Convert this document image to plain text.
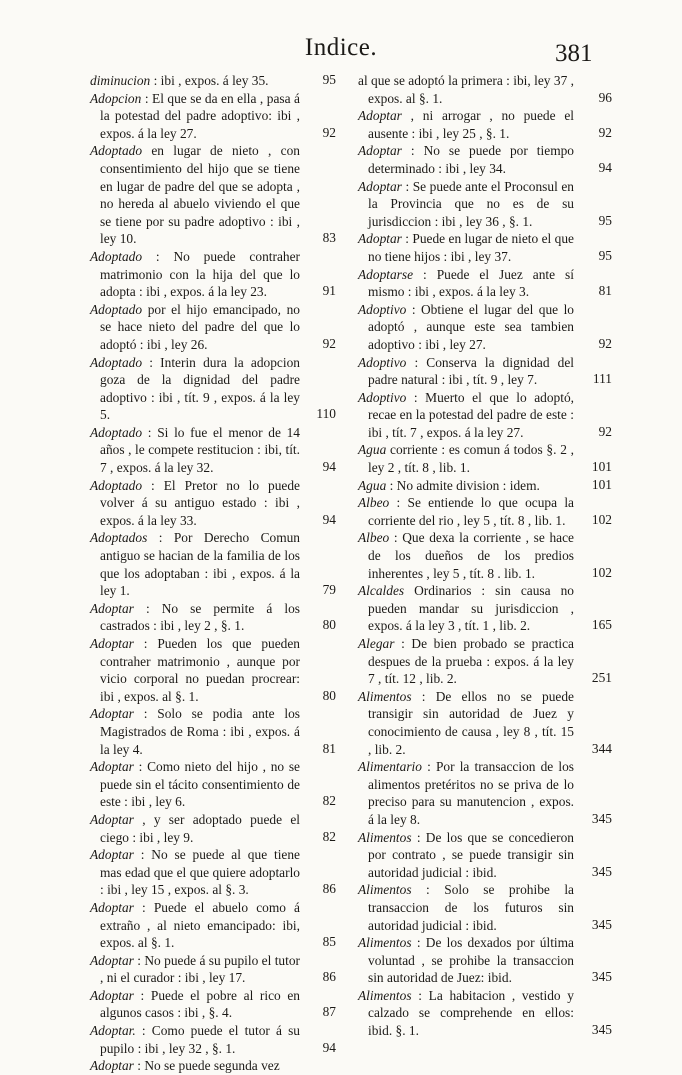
Indice.	381
diminucion : ibi , expos. á ley 35.	95
Adopcion : El que se da en ella , pasa á la potestad del padre adoptivo: ibi , expos. á la ley 27.	92
Adoptado en lugar de nieto , con consentimiento del hijo que se tiene en lugar de padre del que se adopta , no hereda al abuelo viviendo el que se tiene por su padre adoptivo : ibi , ley 10.	83
Adoptado : No puede contraher matrimonio con la hija del que lo adopta : ibi , expos. á la ley 23.	91
Adoptado por el hijo emancipado, no se hace nieto del padre del que lo adoptó : ibi , ley 26.	92
Adoptado : Interin dura la adopcion goza de la dignidad del padre adoptivo : ibi , tít. 9 , expos. á la ley 5.	110
Adoptado : Si lo fue el menor de 14 años , le compete restitucion : ibi, tít. 7 , expos. á la ley 32.	94
Adoptado : El Pretor no lo puede volver á su antiguo estado : ibi , expos. á la ley 33.	94
Adoptados : Por Derecho Comun antiguo se hacian de la familia de los que los adoptaban : ibi , expos. á la ley 1.	79
Adoptar : No se permite á los castrados : ibi , ley 2 , §. 1.	80
Adoptar : Pueden los que pueden contraher matrimonio , aunque por vicio corporal no puedan procrear: ibi , expos. al §. 1.	80
Adoptar : Solo se podia ante los Magistrados de Roma : ibi , expos. á la ley 4.	81
Adoptar : Como nieto del hijo , no se puede sin el tácito consentimiento de este : ibi , ley 6.	82
Adoptar , y ser adoptado puede el ciego : ibi , ley 9.	82
Adoptar : No se puede al que tiene mas edad que el que quiere adoptarlo : ibi , ley 15 , expos. al §. 3.	86
Adoptar : Puede el abuelo como á extraño , al nieto emancipado: ibi, expos. al §. 1.	85
Adoptar : No puede á su pupilo el tutor , ni el curador : ibi , ley 17.	86
Adoptar : Puede el pobre al rico en algunos casos : ibi , §. 4.	87
Adoptar. : Como puede el tutor á su pupilo : ibi , ley 32 , §. 1.	94
Adoptar : No se puede segunda vez
al que se adoptó la primera : ibi, ley 37 , expos. al §. 1.	96
Adoptar , ni arrogar , no puede el ausente : ibi , ley 25 , §. 1.	92
Adoptar : No se puede por tiempo determinado : ibi , ley 34.	94
Adoptar : Se puede ante el Proconsul en la Provincia que no es de su jurisdiccion : ibi , ley 36 , §. 1.	95
Adoptar : Puede en lugar de nieto el que no tiene hijos : ibi , ley 37.	95
Adoptarse : Puede el Juez ante sí mismo : ibi , expos. á la ley 3.	81
Adoptivo : Obtiene el lugar del que lo adoptó , aunque este sea tambien adoptivo : ibi , ley 27.	92
Adoptivo : Conserva la dignidad del padre natural : ibi , tít. 9 , ley 7.	111
Adoptivo : Muerto el que lo adoptó, recae en la potestad del padre de este : ibi , tít. 7 , expos. á la ley 27.	92
Agua corriente : es comun á todos §. 2 , ley 2 , tít. 8 , lib. 1.	101
Agua : No admite division : idem.	101
Albeo : Se entiende lo que ocupa la corriente del rio , ley 5 , tít. 8 , lib. 1. 102
Albeo : Que dexa la corriente , se hace de los dueños de los predios inherentes , ley 5 , tít. 8 . lib. 1.	102
Alcaldes Ordinarios : sin causa no pueden mandar su jurisdiccion , expos. á la ley 3 , tít. 1 , lib. 2.	165
Alegar : De bien probado se practica despues de la prueba : expos. á la ley 7 , tít. 12 , lib. 2.	251
Alimentos : De ellos no se puede transigir sin autoridad de Juez y conocimiento de causa , ley 8 , tít. 15 , lib. 2.	344
Alimentario : Por la transaccion de los alimentos pretéritos no se priva de lo preciso para su manutencion , expos. á la ley 8.	345
Alimentos : De los que se concedieron por contrato , se puede transigir sin autoridad judicial : ibid.	345
Alimentos : Solo se prohibe la transaccion de los futuros sin autoridad judicial : ibid.	345
Alimentos : De los dexados por última voluntad , se prohibe la transaccion sin autoridad de Juez: ibid.	345
Alimentos : La habitacion , vestido y calzado se comprehende en ellos: ibid. §. 1.	345
